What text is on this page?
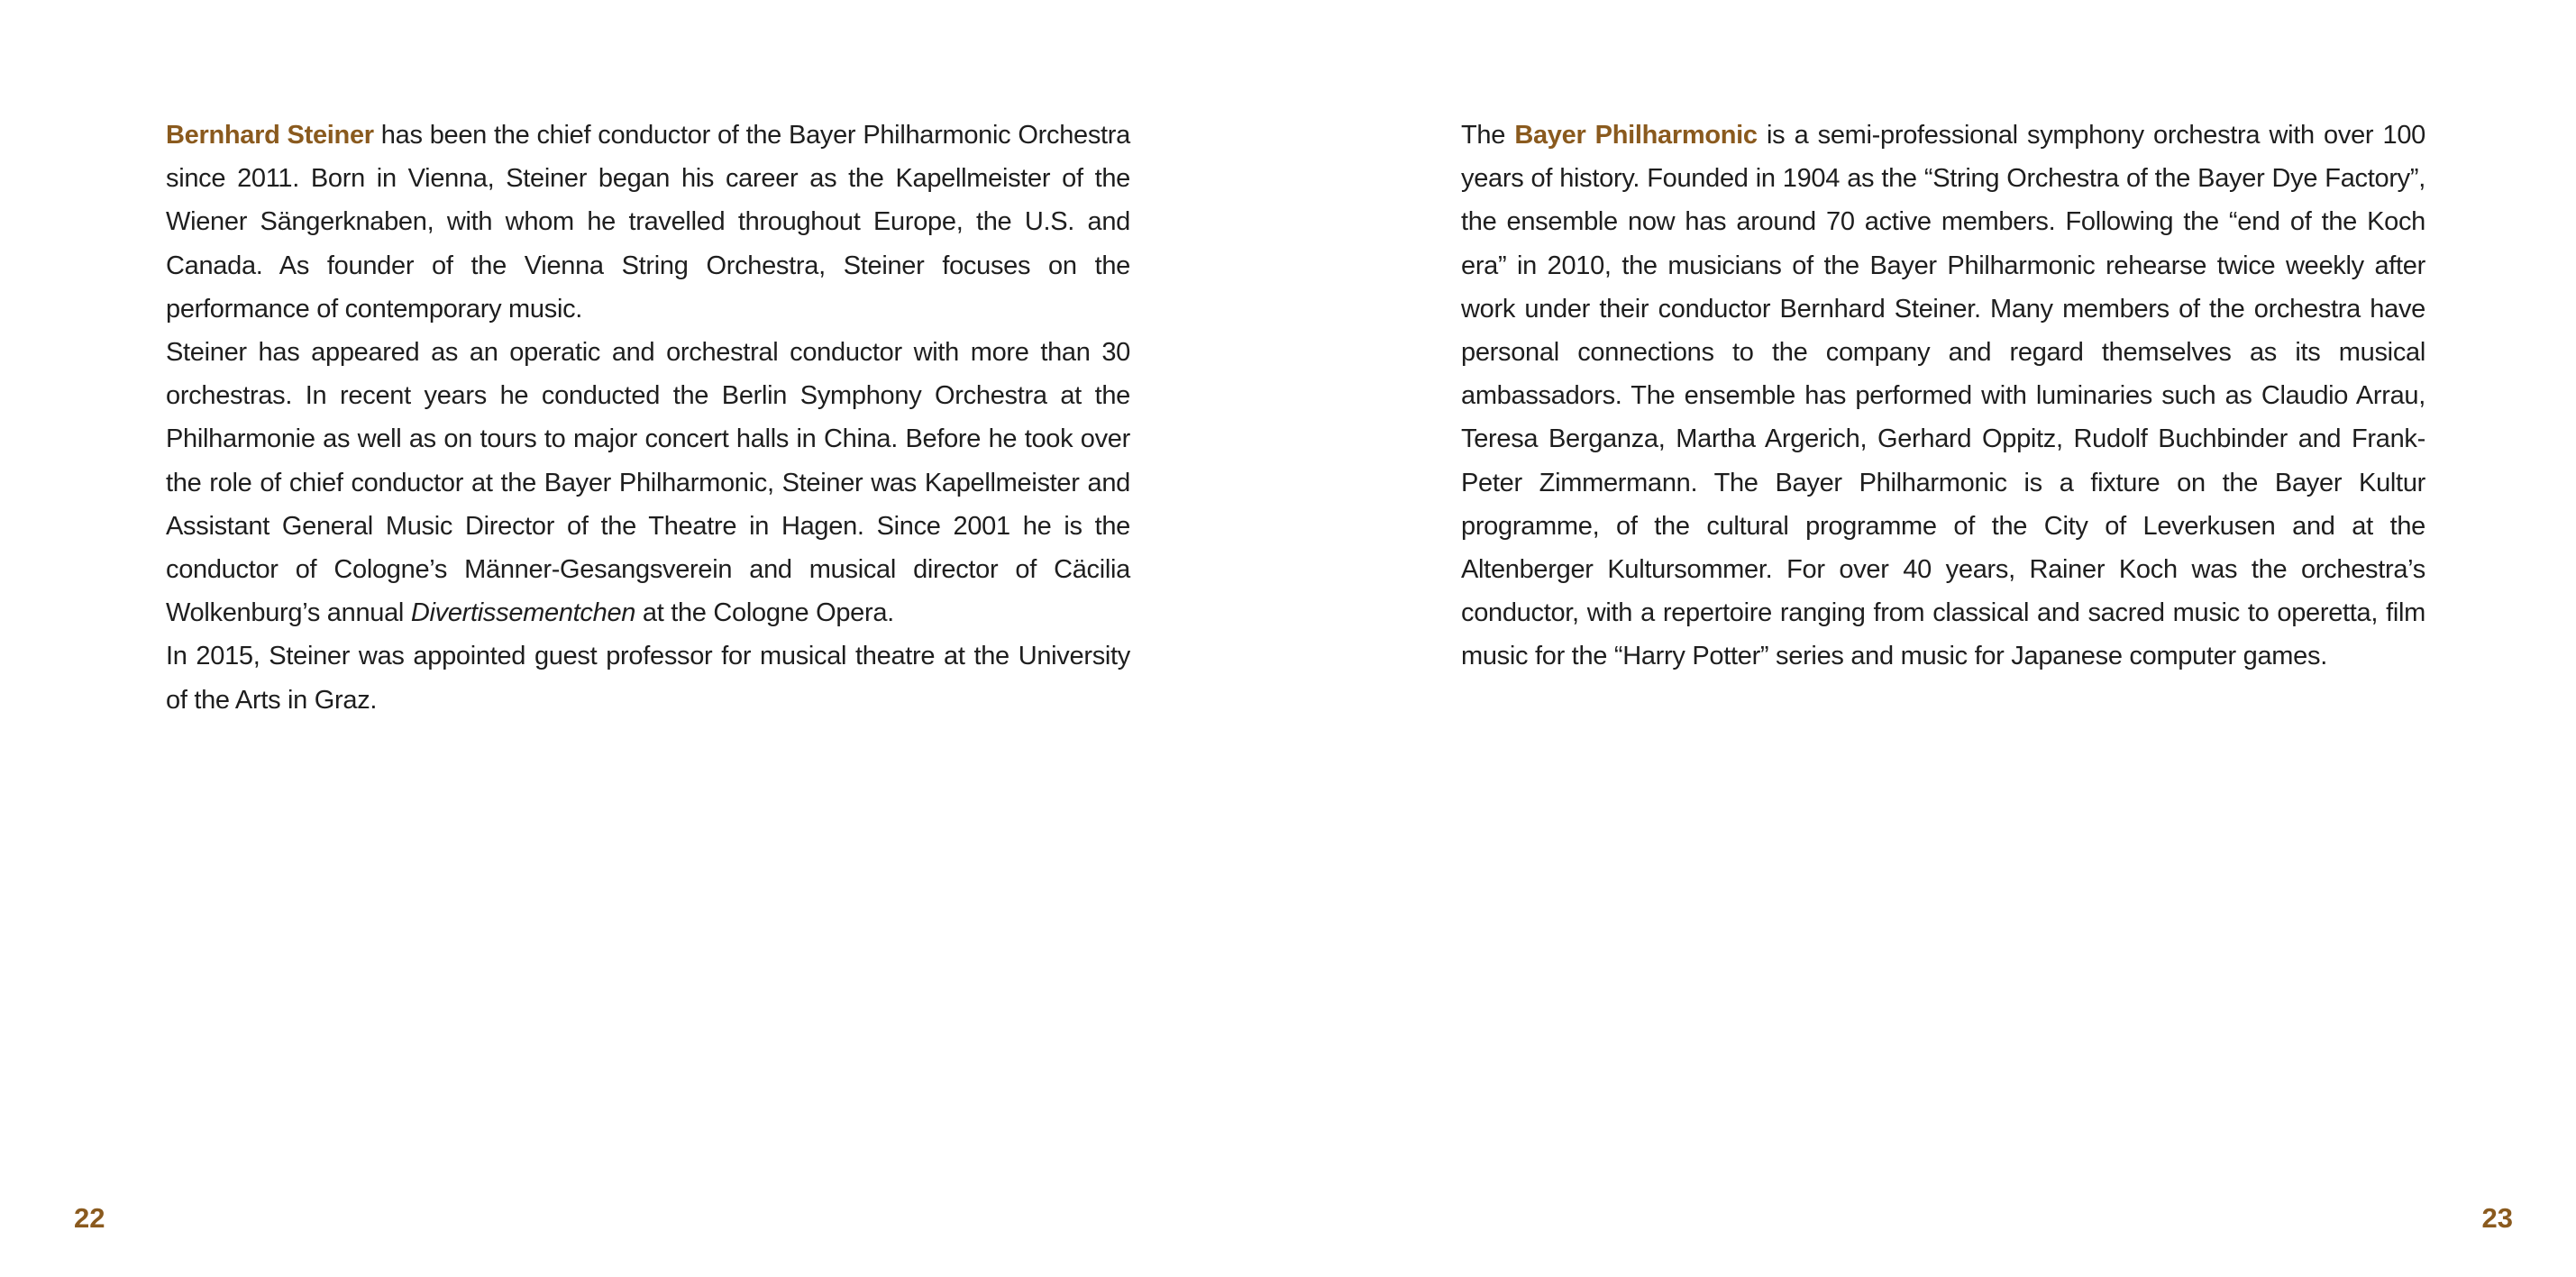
Bernhard Steiner has been the chief conductor of the Bayer Philharmonic Orchestra since 2011. Born in Vienna, Steiner began his career as the Kapellmeister of the Wiener Sängerknaben, with whom he travelled throughout Europe, the U.S. and Canada. As founder of the Vienna String Orchestra, Steiner focuses on the performance of contemporary music.

Steiner has appeared as an operatic and orchestral conductor with more than 30 orchestras. In recent years he conducted the Berlin Symphony Orchestra at the Philharmonie as well as on tours to major concert halls in China. Before he took over the role of chief conductor at the Bayer Philharmonic, Steiner was Kapellmeister and Assistant General Music Director of the Theatre in Hagen. Since 2001 he is the conductor of Cologne’s Männer-Gesangsverein and musical director of Cäcilia Wolkenburg’s annual Divertissementchen at the Cologne Opera.

In 2015, Steiner was appointed guest professor for musical theatre at the University of the Arts in Graz.

22

The Bayer Philharmonic is a semi-professional symphony orchestra with over 100 years of history. Founded in 1904 as the “String Orchestra of the Bayer Dye Factory”, the ensemble now has around 70 active members. Following the “end of the Koch era” in 2010, the musicians of the Bayer Philharmonic rehearse twice weekly after work under their conductor Bernhard Steiner. Many members of the orchestra have personal connections to the company and regard themselves as its musical ambassadors. The ensemble has performed with luminaries such as Claudio Arrau, Teresa Berganza, Martha Argerich, Gerhard Oppitz, Rudolf Buchbinder and Frank-Peter Zimmermann. The Bayer Philharmonic is a fixture on the Bayer Kultur programme, of the cultural programme of the City of Leverkusen and at the Altenberger Kultursommer. For over 40 years, Rainer Koch was the orchestra’s conductor, with a repertoire ranging from classical and sacred music to operetta, film music for the “Harry Potter” series and music for Japanese computer games.

23
